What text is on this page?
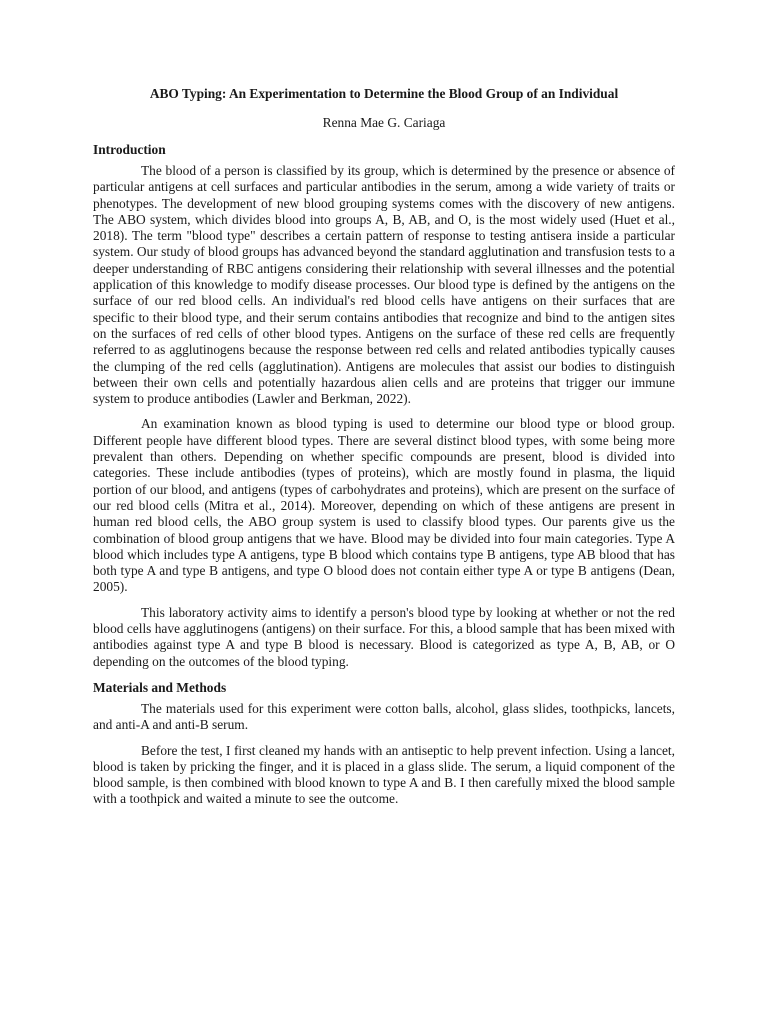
ABO Typing: An Experimentation to Determine the Blood Group of an Individual
Renna Mae G. Cariaga
Introduction

The blood of a person is classified by its group, which is determined by the presence or absence of particular antigens at cell surfaces and particular antibodies in the serum, among a wide variety of traits or phenotypes. The development of new blood grouping systems comes with the discovery of new antigens. The ABO system, which divides blood into groups A, B, AB, and O, is the most widely used (Huet et al., 2018). The term "blood type" describes a certain pattern of response to testing antisera inside a particular system. Our study of blood groups has advanced beyond the standard agglutination and transfusion tests to a deeper understanding of RBC antigens considering their relationship with several illnesses and the potential application of this knowledge to modify disease processes. Our blood type is defined by the antigens on the surface of our red blood cells. An individual's red blood cells have antigens on their surfaces that are specific to their blood type, and their serum contains antibodies that recognize and bind to the antigen sites on the surfaces of red cells of other blood types. Antigens on the surface of these red cells are frequently referred to as agglutinogens because the response between red cells and related antibodies typically causes the clumping of the red cells (agglutination). Antigens are molecules that assist our bodies to distinguish between their own cells and potentially hazardous alien cells and are proteins that trigger our immune system to produce antibodies (Lawler and Berkman, 2022).

An examination known as blood typing is used to determine our blood type or blood group. Different people have different blood types. There are several distinct blood types, with some being more prevalent than others. Depending on whether specific compounds are present, blood is divided into categories. These include antibodies (types of proteins), which are mostly found in plasma, the liquid portion of our blood, and antigens (types of carbohydrates and proteins), which are present on the surface of our red blood cells (Mitra et al., 2014). Moreover, depending on which of these antigens are present in human red blood cells, the ABO group system is used to classify blood types. Our parents give us the combination of blood group antigens that we have. Blood may be divided into four main categories. Type A blood which includes type A antigens, type B blood which contains type B antigens, type AB blood that has both type A and type B antigens, and type O blood does not contain either type A or type B antigens (Dean, 2005).

This laboratory activity aims to identify a person's blood type by looking at whether or not the red blood cells have agglutinogens (antigens) on their surface. For this, a blood sample that has been mixed with antibodies against type A and type B blood is necessary. Blood is categorized as type A, B, AB, or O depending on the outcomes of the blood typing.

Materials and Methods

The materials used for this experiment were cotton balls, alcohol, glass slides, toothpicks, lancets, and anti-A and anti-B serum.

Before the test, I first cleaned my hands with an antiseptic to help prevent infection. Using a lancet, blood is taken by pricking the finger, and it is placed in a glass slide. The serum, a liquid component of the blood sample, is then combined with blood known to type A and B. I then carefully mixed the blood sample with a toothpick and waited a minute to see the outcome.
